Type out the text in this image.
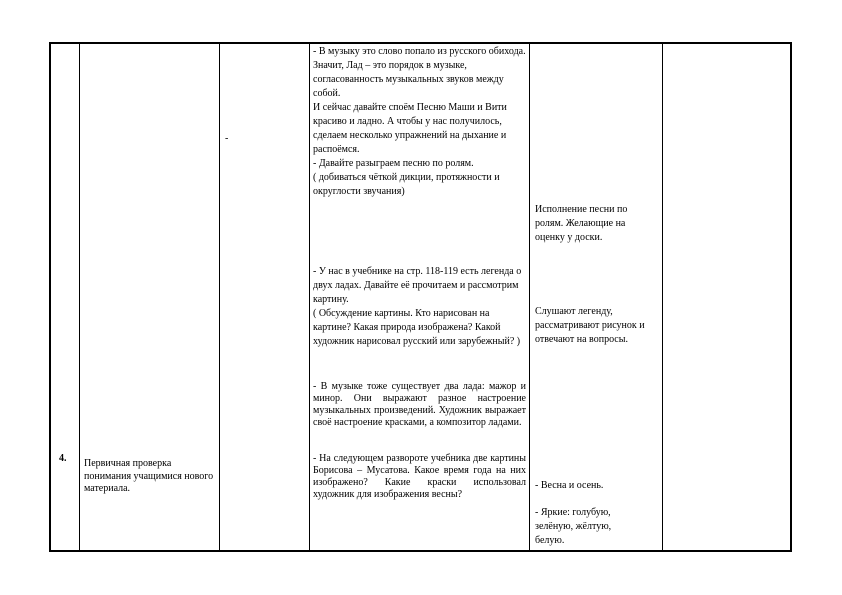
4. Первичная проверка понимания учащимися нового материала.
-
- В музыку это слово попало из русского обихода. Значит, Лад – это порядок в музыке, согласованность музыкальных звуков между собой.
И сейчас давайте споём Песню Маши и Вити красиво и ладно. А чтобы у нас получилось, сделаем несколько упражнений на дыхание и распоёмся.
- Давайте разыграем песню по ролям.
( добиваться чёткой дикции, протяжности и округлости звучания)
- У нас в учебнике на стр. 118-119 есть легенда о двух ладах. Давайте её прочитаем и рассмотрим картину.
( Обсуждение картины. Кто нарисован на картине? Какая природа изображена? Какой художник нарисовал русский или зарубежный? )
- В музыке тоже существует два лада: мажор и минор. Они выражают разное настроение музыкальных произведений. Художник выражает своё настроение красками, а композитор ладами.
- На следующем развороте учебника две картины Борисова – Мусатова. Какое время года на них изображено? Какие краски использовал художник для изображения весны?
Исполнение песни по ролям. Желающие на оценку у доски.
Слушают легенду, рассматривают рисунок и отвечают на вопросы.
- Весна и осень.
- Яркие: голубую, зелёную, жёлтую, белую.
